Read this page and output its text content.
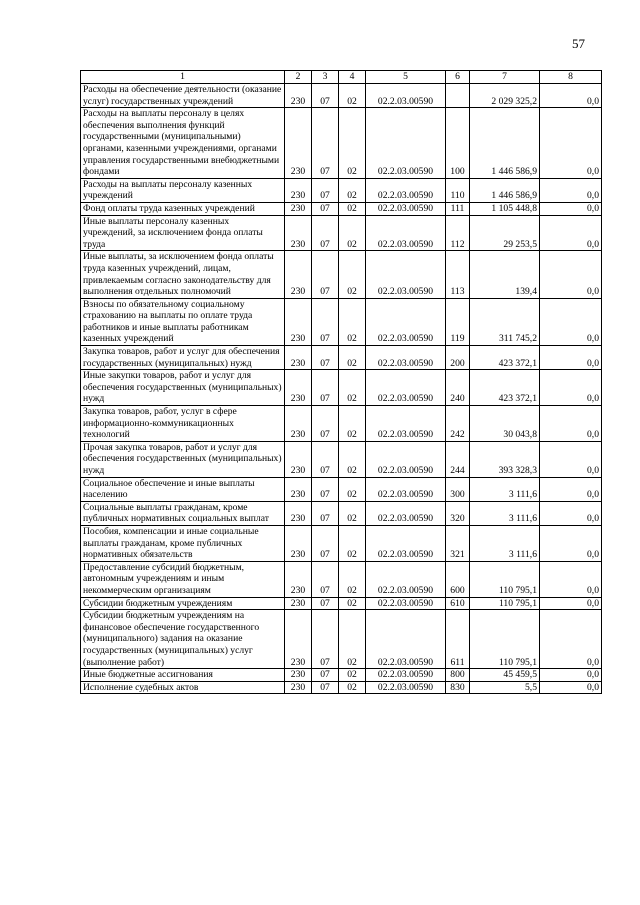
57
1	2	3	4	5	6	7	8
Расходы на обеспечение деятельности (оказание услуг) государственных учреждений	230	07	02	02.2.03.00590		2 029 325,2	0,0
Расходы на выплаты персоналу в целях обеспечения выполнения функций государственными (муниципальными) органами, казенными учреждениями, органами управления государственными внебюджетными фондами	230	07	02	02.2.03.00590	100	1 446 586,9	0,0
Расходы на выплаты персоналу казенных учреждений	230	07	02	02.2.03.00590	110	1 446 586,9	0,0
Фонд оплаты труда казенных учреждений	230	07	02	02.2.03.00590	111	1 105 448,8	0,0
Иные выплаты персоналу казенных учреждений, за исключением фонда оплаты труда	230	07	02	02.2.03.00590	112	29 253,5	0,0
Иные выплаты, за исключением фонда оплаты труда казенных учреждений, лицам, привлекаемым согласно законодательству для выполнения отдельных полномочий	230	07	02	02.2.03.00590	113	139,4	0,0
Взносы по обязательному социальному страхованию на выплаты по оплате труда работников и иные выплаты работникам казенных учреждений	230	07	02	02.2.03.00590	119	311 745,2	0,0
Закупка товаров, работ и услуг для обеспечения государственных (муниципальных) нужд	230	07	02	02.2.03.00590	200	423 372,1	0,0
Иные закупки товаров, работ и услуг для обеспечения государственных (муниципальных) нужд	230	07	02	02.2.03.00590	240	423 372,1	0,0
Закупка товаров, работ, услуг в сфере информационно-коммуникационных технологий	230	07	02	02.2.03.00590	242	30 043,8	0,0
Прочая закупка товаров, работ и услуг для обеспечения государственных (муниципальных) нужд	230	07	02	02.2.03.00590	244	393 328,3	0,0
Социальное обеспечение и иные выплаты населению	230	07	02	02.2.03.00590	300	3 111,6	0,0
Социальные выплаты гражданам, кроме публичных нормативных социальных выплат	230	07	02	02.2.03.00590	320	3 111,6	0,0
Пособия, компенсации и иные социальные выплаты гражданам, кроме публичных нормативных обязательств	230	07	02	02.2.03.00590	321	3 111,6	0,0
Предоставление субсидий бюджетным, автономным учреждениям и иным некоммерческим организациям	230	07	02	02.2.03.00590	600	110 795,1	0,0
Субсидии бюджетным учреждениям	230	07	02	02.2.03.00590	610	110 795,1	0,0
Субсидии бюджетным учреждениям на финансовое обеспечение государственного (муниципального) задания на оказание государственных (муниципальных) услуг (выполнение работ)	230	07	02	02.2.03.00590	611	110 795,1	0,0
Иные бюджетные ассигнования	230	07	02	02.2.03.00590	800	45 459,5	0,0
Исполнение судебных актов	230	07	02	02.2.03.00590	830	5,5	0,0
